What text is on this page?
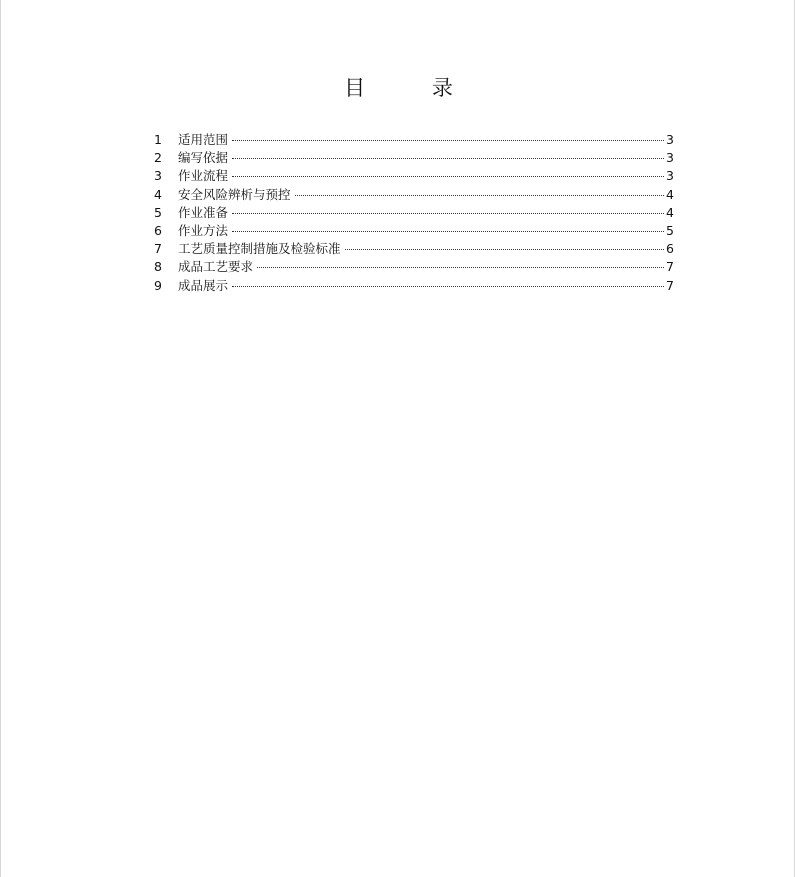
目 录
1	适用范围	3
2	编写依据	3
3	作业流程	3
4	安全风险辨析与预控	4
5	作业准备	4
6	作业方法	5
7	工艺质量控制措施及检验标准	6
8	成品工艺要求	7
9	成品展示	7
